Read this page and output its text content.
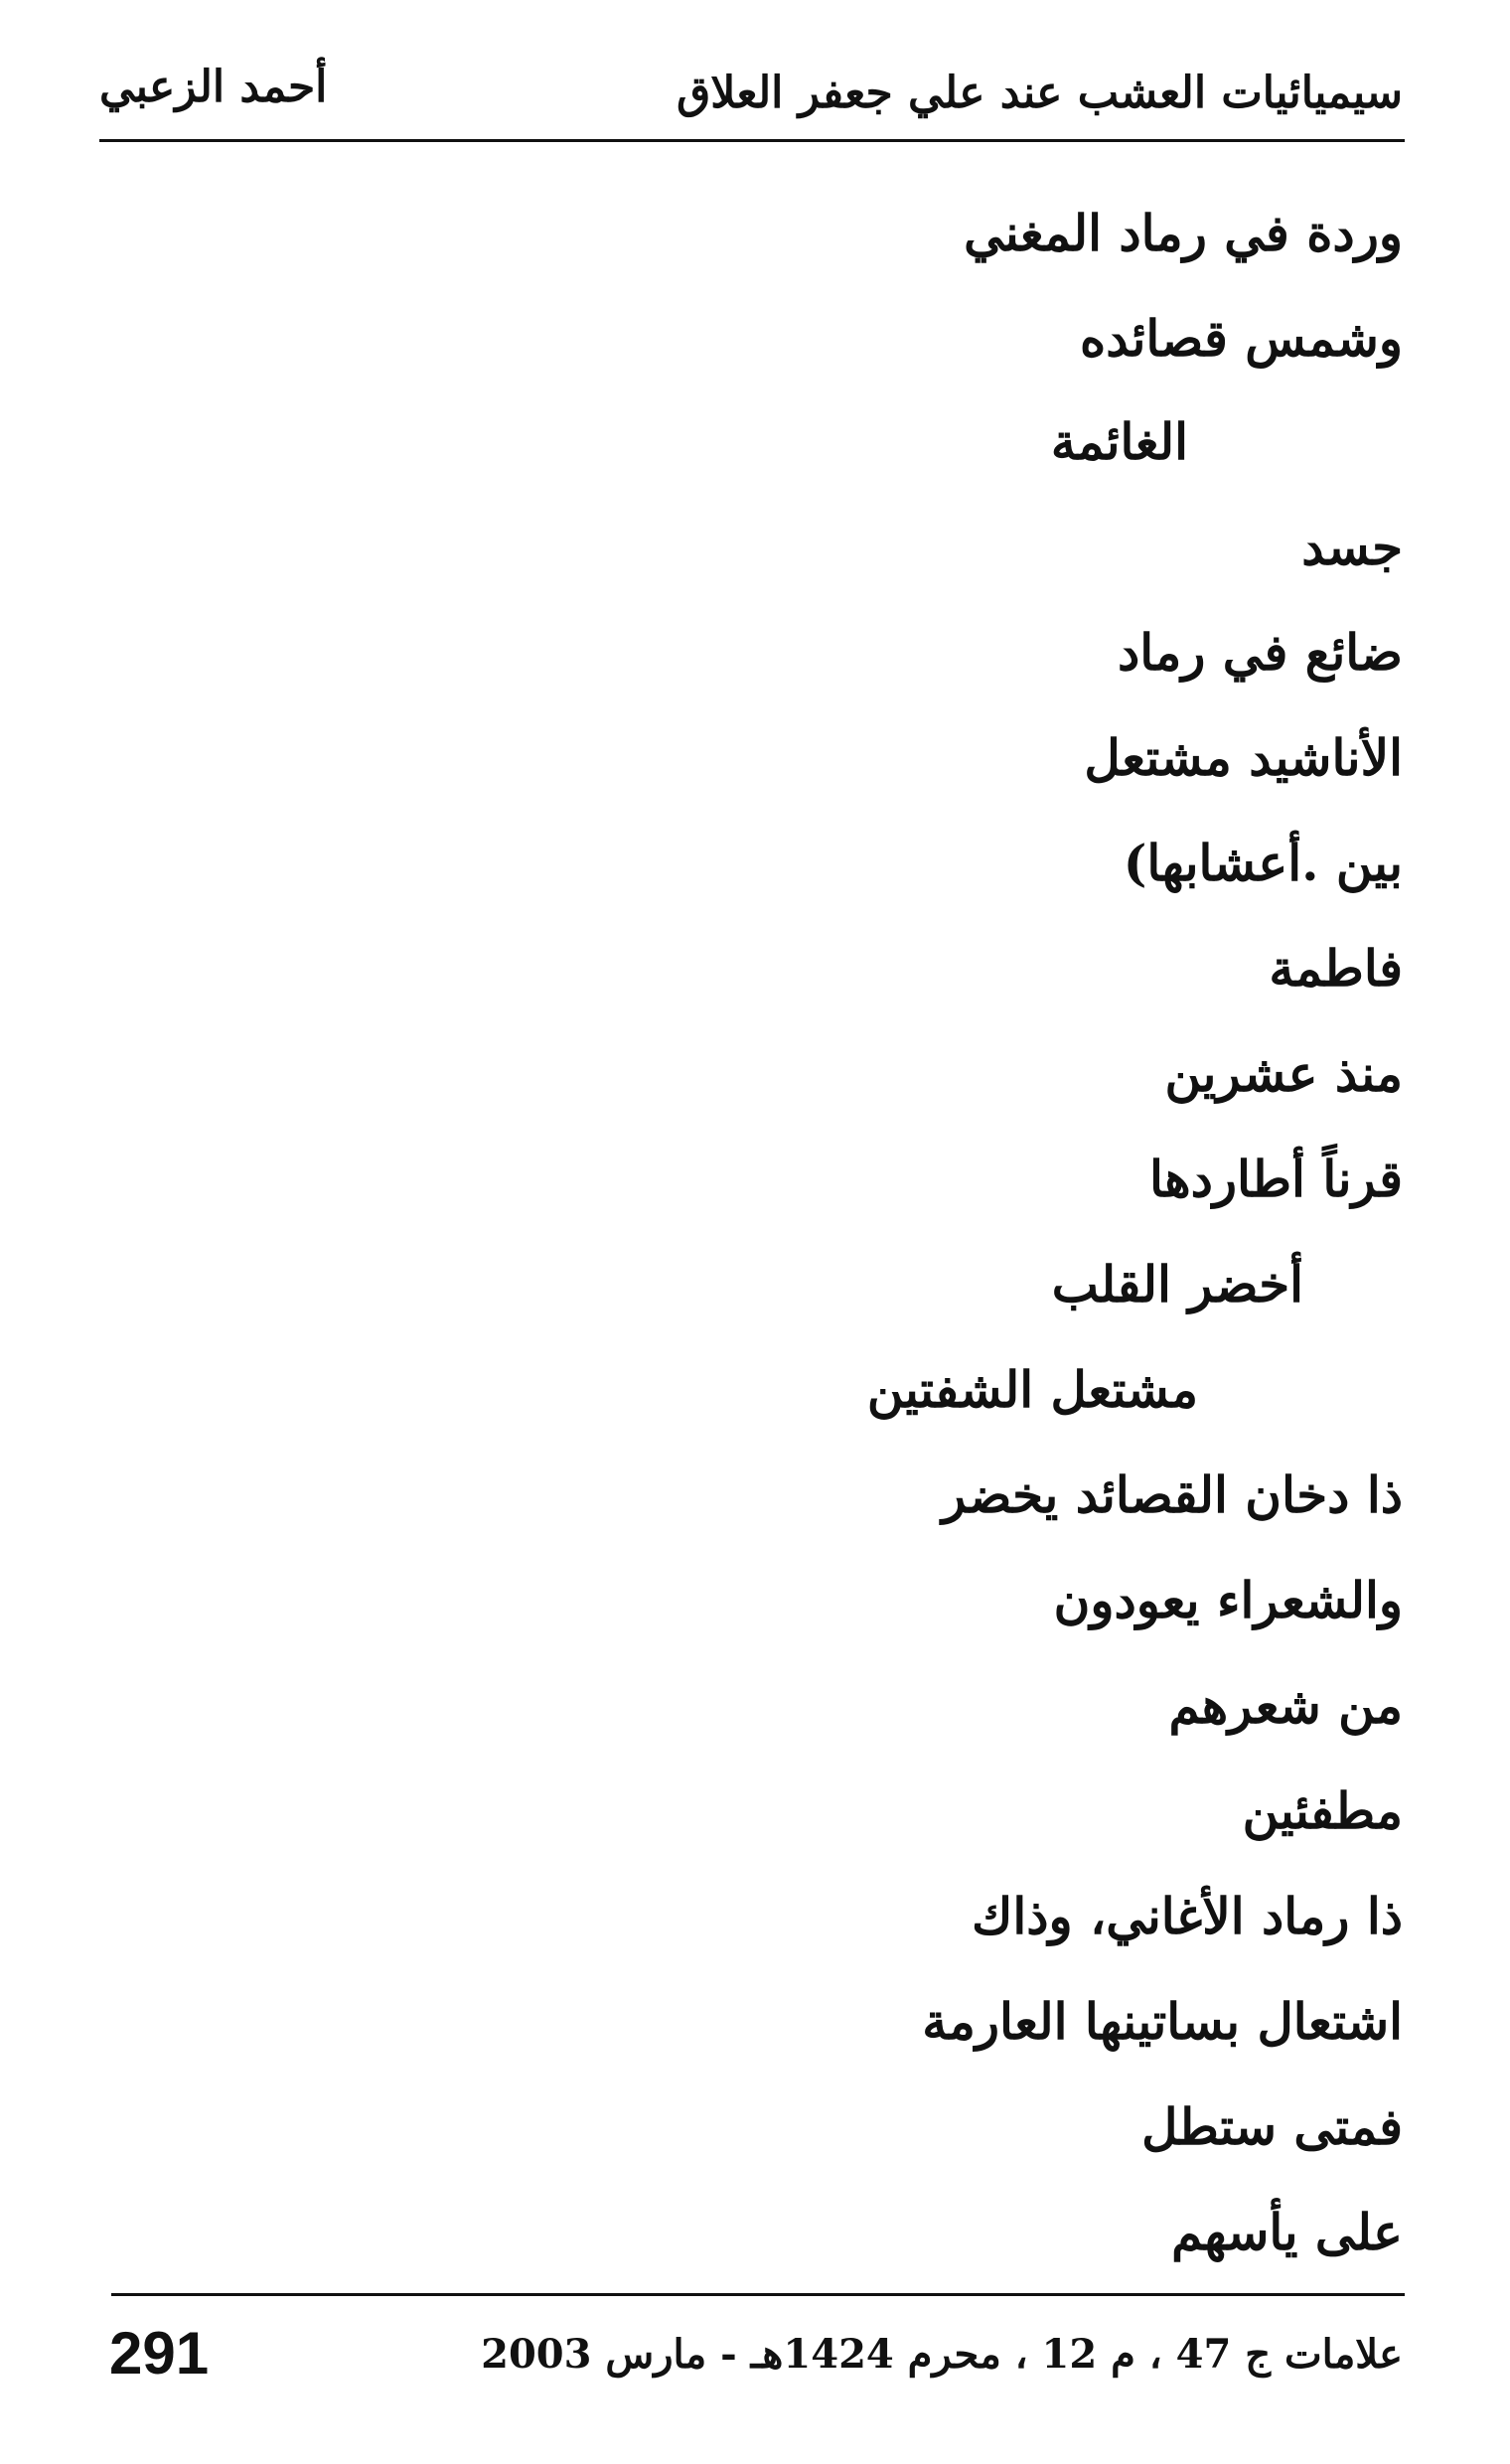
سيميائيات العشب عند علي جعفر العلاق
أحمد الزعبي
وردة في رماد المغني
وشمس قصائده
الغائمة
جسد
ضائع في رماد
الأناشيد مشتعل
بين .أعشابها)
فاطمة
منذ عشرين
قرناً أطاردها
أخضر القلب
مشتعل الشفتين
ذا دخان القصائد يخضر
والشعراء يعودون
من شعرهم
مطفئين
ذا رماد الأغاني، وذاك
اشتعال بساتينها العارمة
فمتى ستطل
على يأسهم
علامات ج 47 ، م 12 ، محرم 1424هـ - مارس 2003
291
